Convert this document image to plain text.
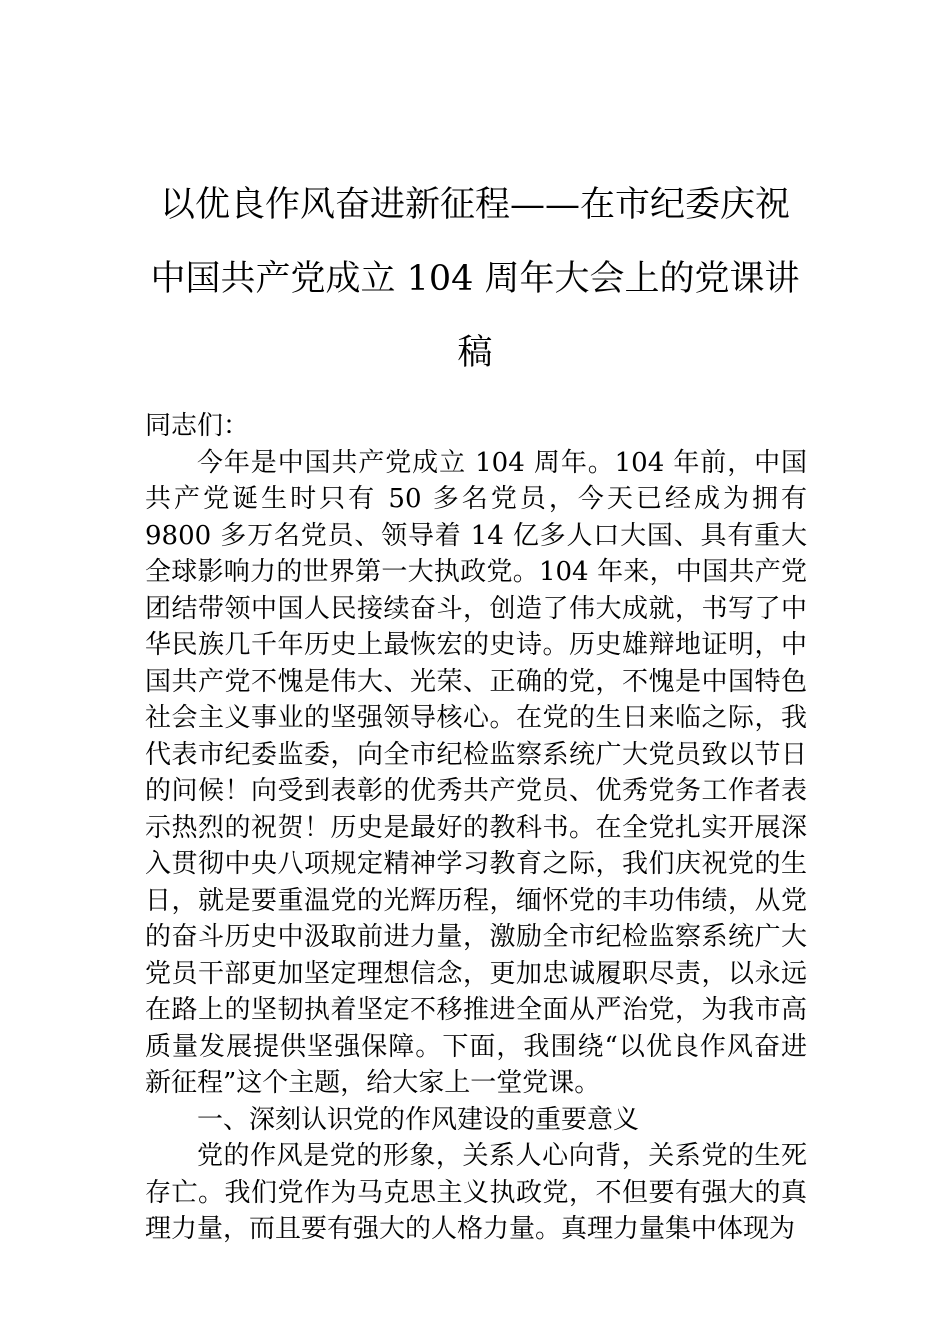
以优良作风奋进新征程——在市纪委庆祝
中国共产党成立 104 周年大会上的党课讲
稿

同志们：

今年是中国共产党成立 104 周年。104 年前，中国共产党诞生时只有 50 多名党员，今天已经成为拥有 9800 多万名党员、领导着 14 亿多人口大国、具有重大全球影响力的世界第一大执政党。104 年来，中国共产党团结带领中国人民接续奋斗，创造了伟大成就，书写了中华民族几千年历史上最恢宏的史诗。历史雄辩地证明，中国共产党不愧是伟大、光荣、正确的党，不愧是中国特色社会主义事业的坚强领导核心。在党的生日来临之际，我代表市纪委监委，向全市纪检监察系统广大党员致以节日的问候！向受到表彰的优秀共产党员、优秀党务工作者表示热烈的祝贺！历史是最好的教科书。在全党扎实开展深入贯彻中央八项规定精神学习教育之际，我们庆祝党的生日，就是要重温党的光辉历程，缅怀党的丰功伟绩，从党的奋斗历史中汲取前进力量，激励全市纪检监察系统广大党员干部更加坚定理想信念，更加忠诚履职尽责，以永远在路上的坚韧执着坚定不移推进全面从严治党，为我市高质量发展提供坚强保障。下面，我围绕“以优良作风奋进新征程”这个主题，给大家上一堂党课。

一、深刻认识党的作风建设的重要意义

党的作风是党的形象，关系人心向背，关系党的生死存亡。我们党作为马克思主义执政党，不但要有强大的真理力量，而且要有强大的人格力量。真理力量集中体现为
